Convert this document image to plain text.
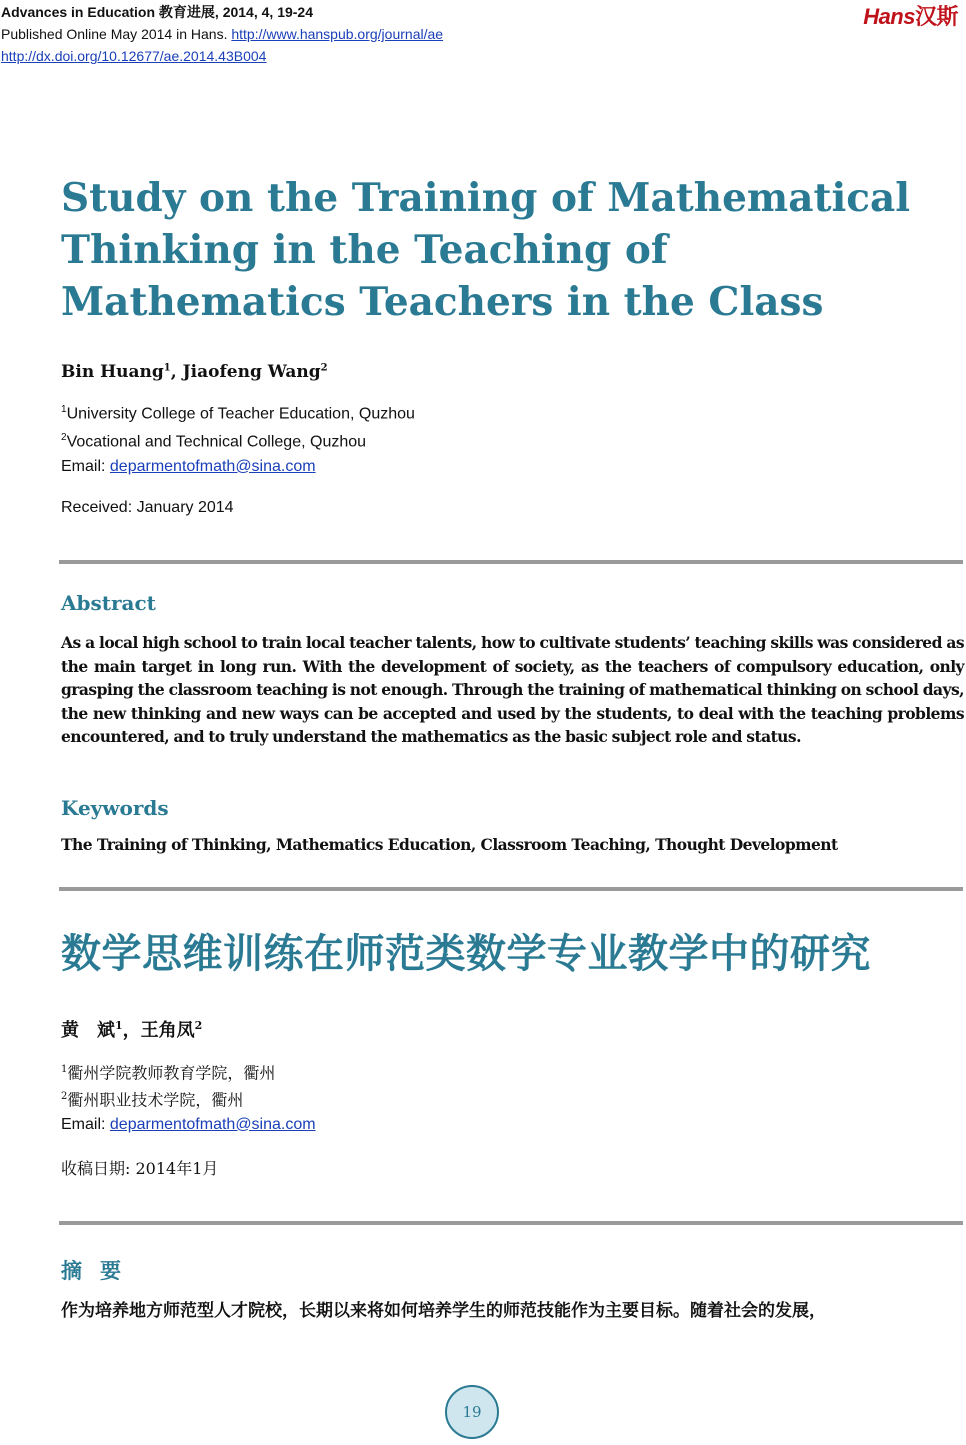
Advances in Education 教育进展, 2014, 4, 19-24
Published Online May 2014 in Hans. http://www.hanspub.org/journal/ae
http://dx.doi.org/10.12677/ae.2014.43B004
Hans汉斯
Study on the Training of Mathematical Thinking in the Teaching of Mathematics Teachers in the Class
Bin Huang$^1$, Jiaofeng Wang$^2$
$^1$University College of Teacher Education, Quzhou
$^2$Vocational and Technical College, Quzhou
Email: deparmentofmath@sina.com
Received: January 2014
Abstract

As a local high school to train local teacher talents, how to cultivate students’ teaching skills was considered as the main target in long run. With the development of society, as the teachers of compulsory education, only grasping the classroom teaching is not enough. Through the training of mathematical thinking on school days, the new thinking and new ways can be accepted and used by the students, to deal with the teaching problems encountered, and to truly understand the mathematics as the basic subject role and status.

Keywords
The Training of Thinking, Mathematics Education, Classroom Teaching, Thought Development
数学思维训练在师范类数学专业教学中的研究
黄　斌$^1$，王角凤$^2$
$^1$衢州学院教师教育学院，衢州
$^2$衢州职业技术学院，衢州
Email: deparmentofmath@sina.com
收稿日期: 2014年1月
摘要
作为培养地方师范型人才院校，长期以来将如何培养学生的师范技能作为主要目标。随着社会的发展，
19
